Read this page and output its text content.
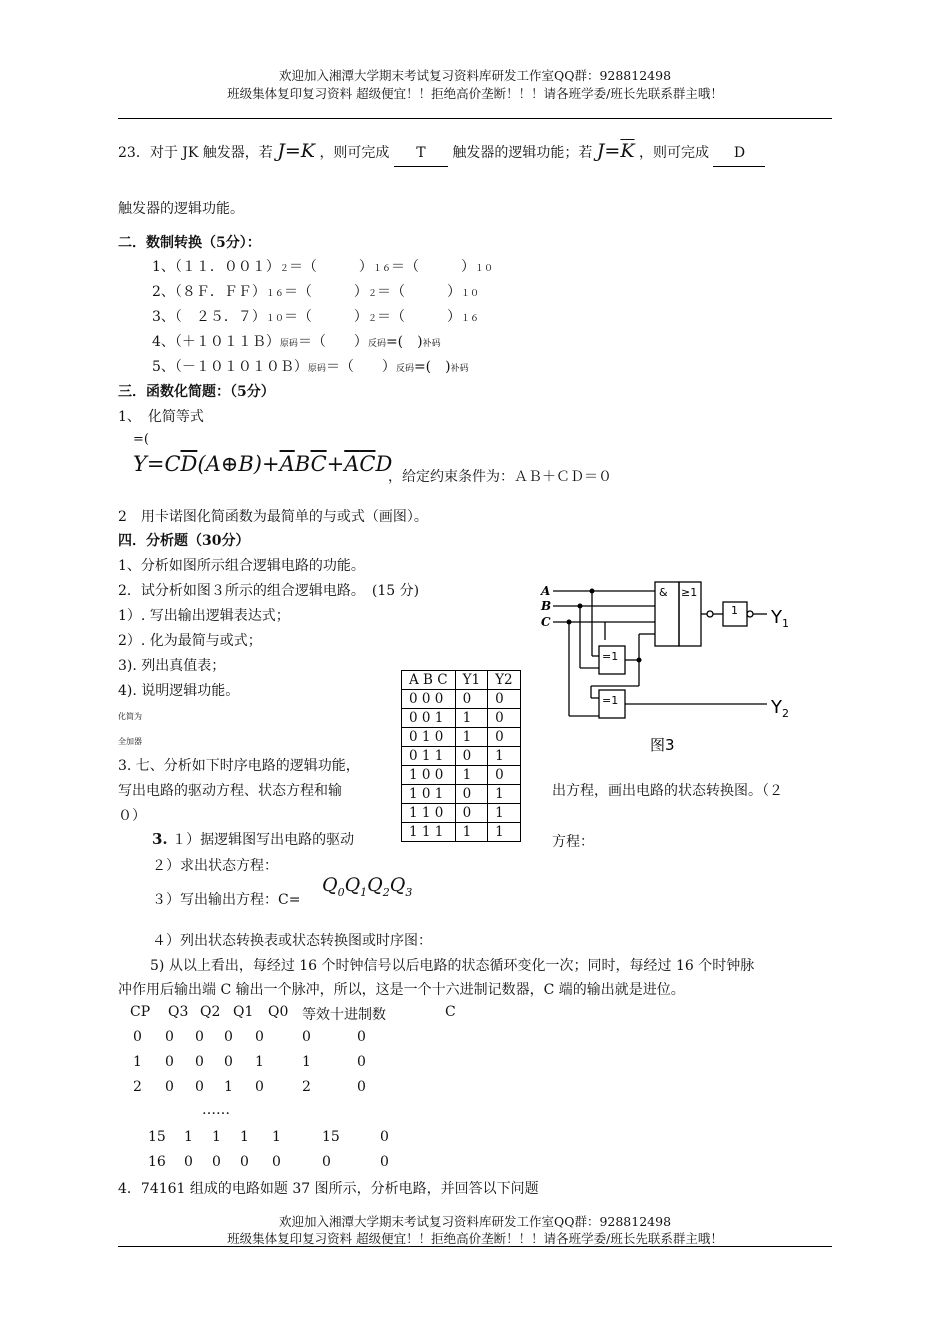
欢迎加入湘潭大学期末考试复习资料库研发工作室QQ群：928812498
班级集体复印复习资料 超级便宜！！拒绝高价垄断！！！请各班学委/班长先联系群主哦！
23．对于 JK 触发器，若 J=K ，则可完成 T 触发器的逻辑功能；若 $J=\overline{K}$ ，则可完成 D
触发器的逻辑功能。
二．数制转换（5分）：
1、（１１．００１）２＝（　　　）１６＝（　　　）１０
2、（８Ｆ．ＦＦ）１６＝（　　　）２＝（　　　）１０
3、（　２５．７）１０＝（　　　）２＝（　　　）１６
4、（＋１０１１Ｂ）原码＝（　　）反码=(　)补码
5、（－１０１０１０Ｂ）原码＝（　　）反码=(　)补码
三．函数化简题：（5分）
1、　化简等式
=(
$Y=C\overline{D}(A\oplus B)+\overline{A}B\overline{C}+\overline{A}\overline{C}D$
，给定约束条件为：ＡＢ＋ＣＤ＝０
2　用卡诺图化简函数为最简单的与或式（画图）。
四．分析题（30分）
1、分析如图所示组合逻辑电路的功能。
2．试分析如图３所示的组合逻辑电路。　(15 分)
1）. 写出输出逻辑表达式；
2）. 化为最简与或式；
3). 列出真值表；
4). 说明逻辑功能。
化简为
全加器
3. 七、分析如下时序电路的逻辑功能，
写出电路的驱动方程、状态方程和输	出方程，画出电路的状态转换图。（２
０）
3. １）据逻辑图写出电路的驱动	方程：
２）求出状态方程：
３）写出输出方程：C=
$Q_0Q_1Q_2Q_3$
４）列出状态转换表或状态转换图或时序图：
5) 从以上看出，每经过 16 个时钟信号以后电路的状态循环变化一次；同时，每经过 16 个时钟脉
冲作用后输出端 C 输出一个脉冲，所以，这是一个十六进制记数器，C 端的输出就是进位。
A B C	Y1	Y2
0 0 0	0	0
0 0 1	1	0
0 1 0	1	0
0 1 1	0	1
1 0 0	1	0
1 0 1	0	1
1 1 0	0	1
1 1 1	1	1
A
B
C
& ≥1
1
=1
=1
$Y_1$
$Y_2$
图3
CP Q3 Q2 Q1 Q0 等效十进制数	C
0 0 0 0 0	0	0
1 0 0 0 1	1	0
2 0 0 1 0	2	0
……
15 1 1 1 1	15	0
16 0 0 0 0	0	0
4．74161 组成的电路如题 37 图所示，分析电路，并回答以下问题
欢迎加入湘潭大学期末考试复习资料库研发工作室QQ群：928812498
班级集体复印复习资料 超级便宜！！拒绝高价垄断！！！请各班学委/班长先联系群主哦！
